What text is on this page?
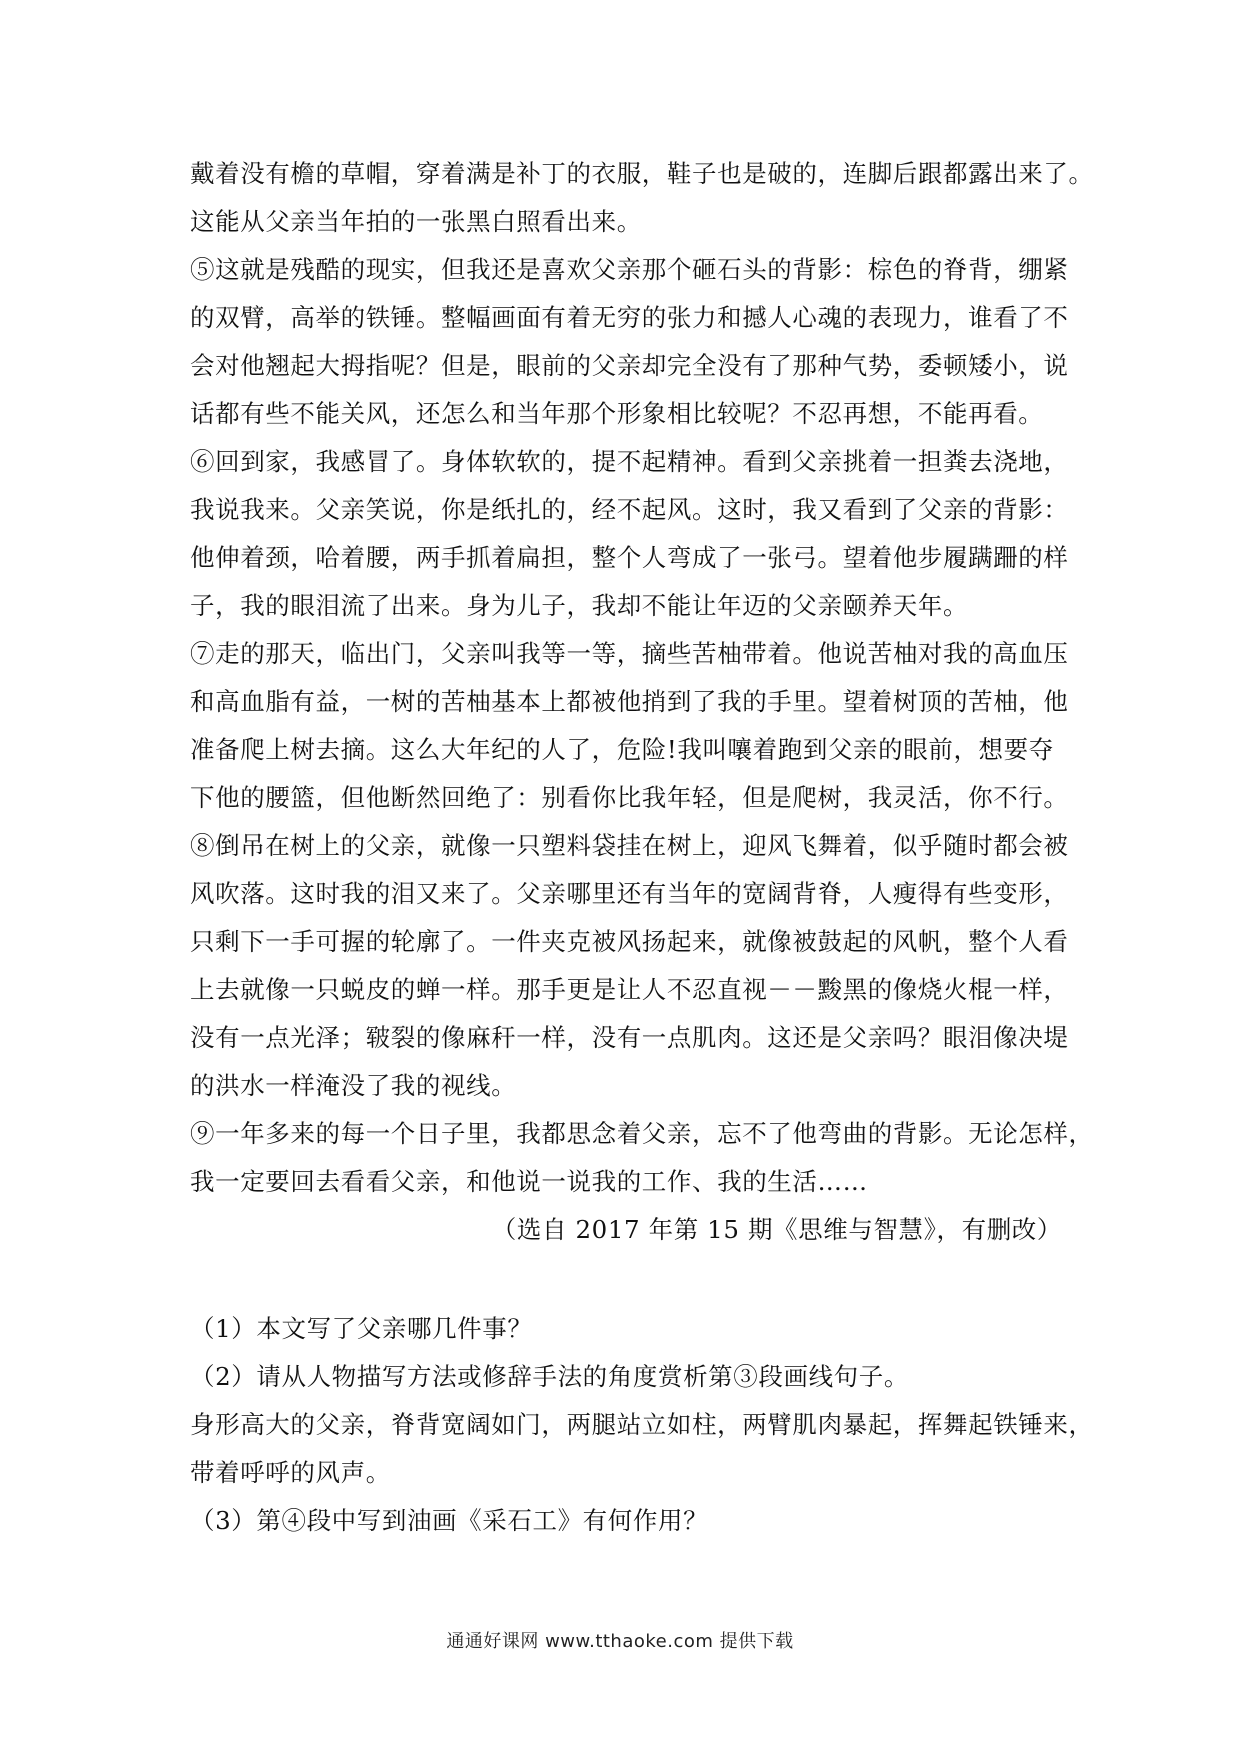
戴着没有檐的草帽，穿着满是补丁的衣服，鞋子也是破的，连脚后跟都露出来了。
这能从父亲当年拍的一张黑白照看出来。
⑤这就是残酷的现实，但我还是喜欢父亲那个砸石头的背影：棕色的脊背，绷紧
的双臂，高举的铁锤。整幅画面有着无穷的张力和撼人心魂的表现力，谁看了不
会对他翘起大拇指呢？但是，眼前的父亲却完全没有了那种气势，委顿矮小，说
话都有些不能关风，还怎么和当年那个形象相比较呢？不忍再想，不能再看。
⑥回到家，我感冒了。身体软软的，提不起精神。看到父亲挑着一担粪去浇地，
我说我来。父亲笑说，你是纸扎的，经不起风。这时，我又看到了父亲的背影：
他伸着颈，哈着腰，两手抓着扁担，整个人弯成了一张弓。望着他步履蹒跚的样
子，我的眼泪流了出来。身为儿子，我却不能让年迈的父亲颐养天年。
⑦走的那天，临出门，父亲叫我等一等，摘些苦柚带着。他说苦柚对我的高血压
和高血脂有益，一树的苦柚基本上都被他捎到了我的手里。望着树顶的苦柚，他
准备爬上树去摘。这么大年纪的人了，危险!我叫嚷着跑到父亲的眼前，想要夺
下他的腰篮，但他断然回绝了：别看你比我年轻，但是爬树，我灵活，你不行。
⑧倒吊在树上的父亲，就像一只塑料袋挂在树上，迎风飞舞着，似乎随时都会被
风吹落。这时我的泪又来了。父亲哪里还有当年的宽阔背脊，人瘦得有些变形，
只剩下一手可握的轮廓了。一件夹克被风扬起来，就像被鼓起的风帆，整个人看
上去就像一只蜕皮的蝉一样。那手更是让人不忍直视－－黢黑的像烧火棍一样，
没有一点光泽；皲裂的像麻秆一样，没有一点肌肉。这还是父亲吗？眼泪像决堤
的洪水一样淹没了我的视线。
⑨一年多来的每一个日子里，我都思念着父亲，忘不了他弯曲的背影。无论怎样，
我一定要回去看看父亲，和他说一说我的工作、我的生活……
（选自 2017 年第 15 期《思维与智慧》，有删改）
（1）本文写了父亲哪几件事？
（2）请从人物描写方法或修辞手法的角度赏析第③段画线句子。
身形高大的父亲，脊背宽阔如门，两腿站立如柱，两臂肌肉暴起，挥舞起铁锤来，
带着呼呼的风声。
（3）第④段中写到油画《采石工》有何作用？
通通好课网 www.tthaoke.com 提供下载
